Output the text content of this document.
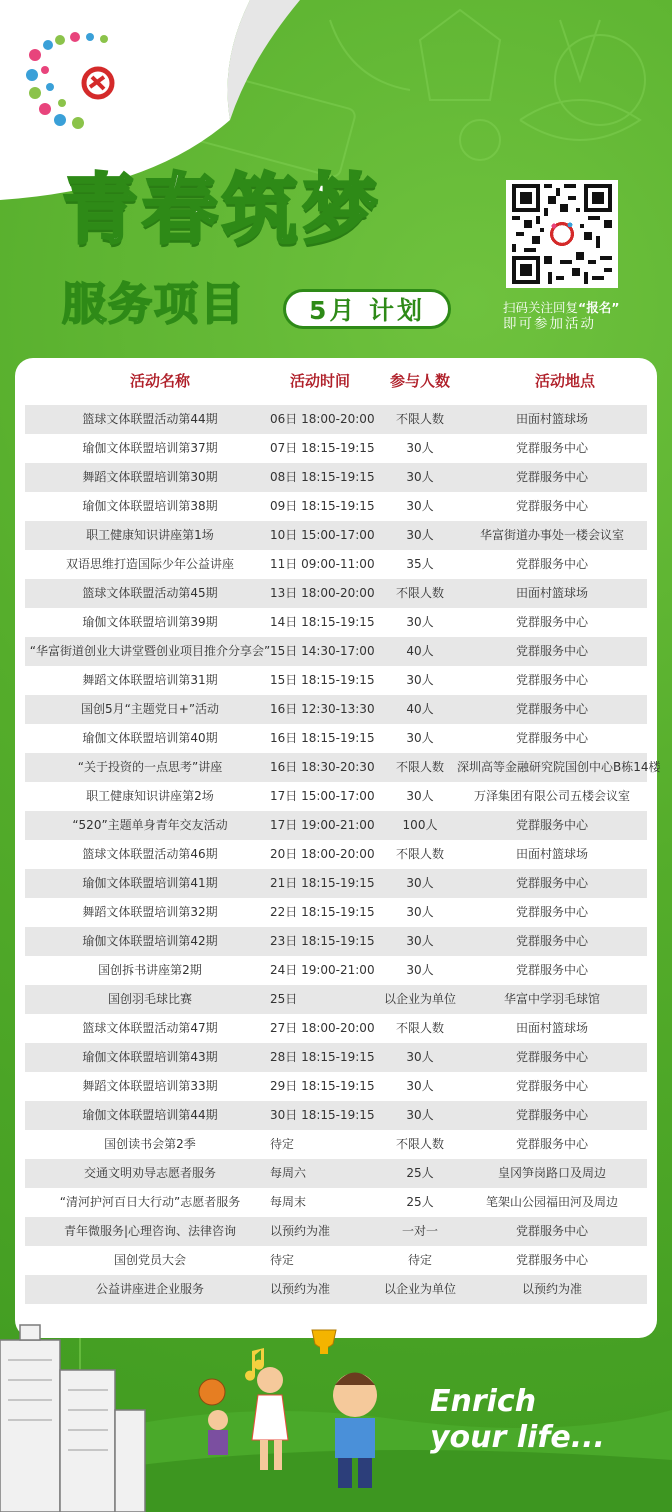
青春筑梦
服务项目	5月 计划	扫码关注回复“报名”
即可参加活动
活动名称	活动时间	参与人数	活动地点
篮球文体联盟活动第44期	06日 18:00-20:00	不限人数	田面村篮球场
瑜伽文体联盟培训第37期	07日 18:15-19:15	30人	党群服务中心
舞蹈文体联盟培训第30期	08日 18:15-19:15	30人	党群服务中心
瑜伽文体联盟培训第38期	09日 18:15-19:15	30人	党群服务中心
职工健康知识讲座第1场	10日 15:00-17:00	30人	华富街道办事处一楼会议室
双语思维打造国际少年公益讲座	11日 09:00-11:00	35人	党群服务中心
篮球文体联盟活动第45期	13日 18:00-20:00	不限人数	田面村篮球场
瑜伽文体联盟培训第39期	14日 18:15-19:15	30人	党群服务中心
“华富街道创业大讲堂暨创业项目推介分享会” 15日 14:30-17:00	40人	党群服务中心
舞蹈文体联盟培训第31期	15日 18:15-19:15	30人	党群服务中心
国创5月“主题党日+”活动	16日 12:30-13:30	40人	党群服务中心
瑜伽文体联盟培训第40期	16日 18:15-19:15	30人	党群服务中心
“关于投资的一点思考”讲座	16日 18:30-20:30	不限人数	深圳高等金融研究院国创中心B栋14楼
职工健康知识讲座第2场	17日 15:00-17:00	30人	万泽集团有限公司五楼会议室
“520”主题单身青年交友活动	17日 19:00-21:00	100人	党群服务中心
篮球文体联盟活动第46期	20日 18:00-20:00	不限人数	田面村篮球场
瑜伽文体联盟培训第41期	21日 18:15-19:15	30人	党群服务中心
舞蹈文体联盟培训第32期	22日 18:15-19:15	30人	党群服务中心
瑜伽文体联盟培训第42期	23日 18:15-19:15	30人	党群服务中心
国创拆书讲座第2期	24日 19:00-21:00	30人	党群服务中心
国创羽毛球比赛	25日	以企业为单位	华富中学羽毛球馆
篮球文体联盟活动第47期	27日 18:00-20:00	不限人数	田面村篮球场
瑜伽文体联盟培训第43期	28日 18:15-19:15	30人	党群服务中心
舞蹈文体联盟培训第33期	29日 18:15-19:15	30人	党群服务中心
瑜伽文体联盟培训第44期	30日 18:15-19:15	30人	党群服务中心
国创读书会第2季	待定	不限人数	党群服务中心
交通文明劝导志愿者服务	每周六	25人	皇冈笋岗路口及周边
“清河护河百日大行动”志愿者服务	每周末	25人	笔架山公园福田河及周边
青年微服务|心理咨询、法律咨询	以预约为准	一对一	党群服务中心
国创党员大会	待定	待定	党群服务中心
公益讲座进企业服务	以预约为准	以企业为单位	以预约为准
Enrich
your life...
